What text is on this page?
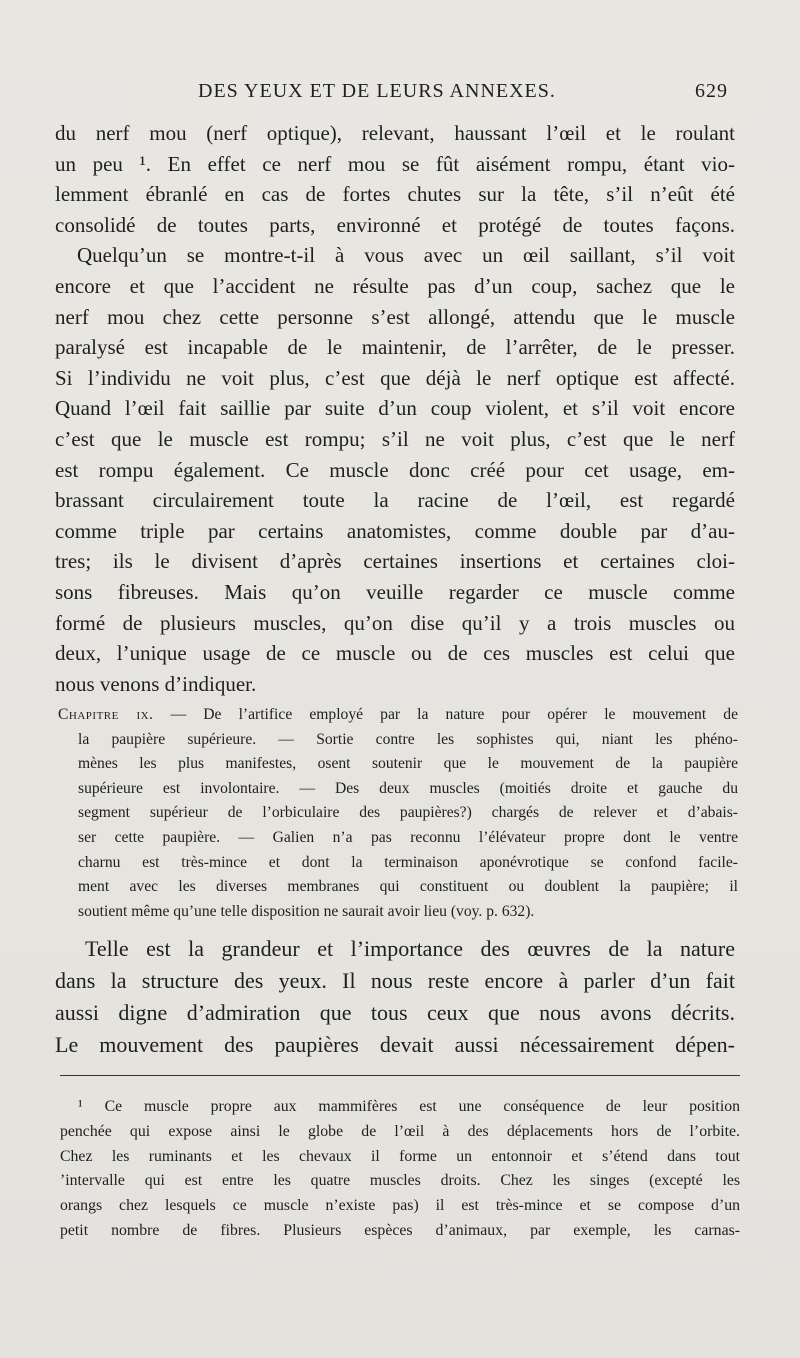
DES YEUX ET DE LEURS ANNEXES.	629
du nerf mou (nerf optique), relevant, haussant l’œil et le roulant
un peu ¹. En effet ce nerf mou se fût aisément rompu, étant vio-
lemment ébranlé en cas de fortes chutes sur la tête, s’il n’eût été
consolidé de toutes parts, environné et protégé de toutes façons.
Quelqu’un se montre-t-il à vous avec un œil saillant, s’il voit
encore et que l’accident ne résulte pas d’un coup, sachez que le
nerf mou chez cette personne s’est allongé, attendu que le muscle
paralysé est incapable de le maintenir, de l’arrêter, de le presser.
Si l’individu ne voit plus, c’est que déjà le nerf optique est affecté.
Quand l’œil fait saillie par suite d’un coup violent, et s’il voit encore
c’est que le muscle est rompu; s’il ne voit plus, c’est que le nerf
est rompu également. Ce muscle donc créé pour cet usage, em-
brassant circulairement toute la racine de l’œil, est regardé
comme triple par certains anatomistes, comme double par d’au-
tres; ils le divisent d’après certaines insertions et certaines cloi-
sons fibreuses. Mais qu’on veuille regarder ce muscle comme
formé de plusieurs muscles, qu’on dise qu’il y a trois muscles ou
deux, l’unique usage de ce muscle ou de ces muscles est celui que
nous venons d’indiquer.
Chapitre ix. — De l’artifice employé par la nature pour opérer le mouvement de
la paupière supérieure. — Sortie contre les sophistes qui, niant les phéno-
mènes les plus manifestes, osent soutenir que le mouvement de la paupière
supérieure est involontaire. — Des deux muscles (moitiés droite et gauche du
segment supérieur de l’orbiculaire des paupières?) chargés de relever et d’abais-
ser cette paupière. — Galien n’a pas reconnu l’élévateur propre dont le ventre
charnu est très-mince et dont la terminaison aponévrotique se confond facile-
ment avec les diverses membranes qui constituent ou doublent la paupière; il
soutient même qu’une telle disposition ne saurait avoir lieu (voy. p. 632).
Telle est la grandeur et l’importance des œuvres de la nature
dans la structure des yeux. Il nous reste encore à parler d’un fait
aussi digne d’admiration que tous ceux que nous avons décrits.
Le mouvement des paupières devait aussi nécessairement dépen-
¹ Ce muscle propre aux mammifères est une conséquence de leur position
penchée qui expose ainsi le globe de l’œil à des déplacements hors de l’orbite.
Chez les ruminants et les chevaux il forme un entonnoir et s’étend dans tout
’intervalle qui est entre les quatre muscles droits. Chez les singes (excepté les
orangs chez lesquels ce muscle n’existe pas) il est très-mince et se compose d’un
petit nombre de fibres. Plusieurs espèces d’animaux, par exemple, les carnas-
